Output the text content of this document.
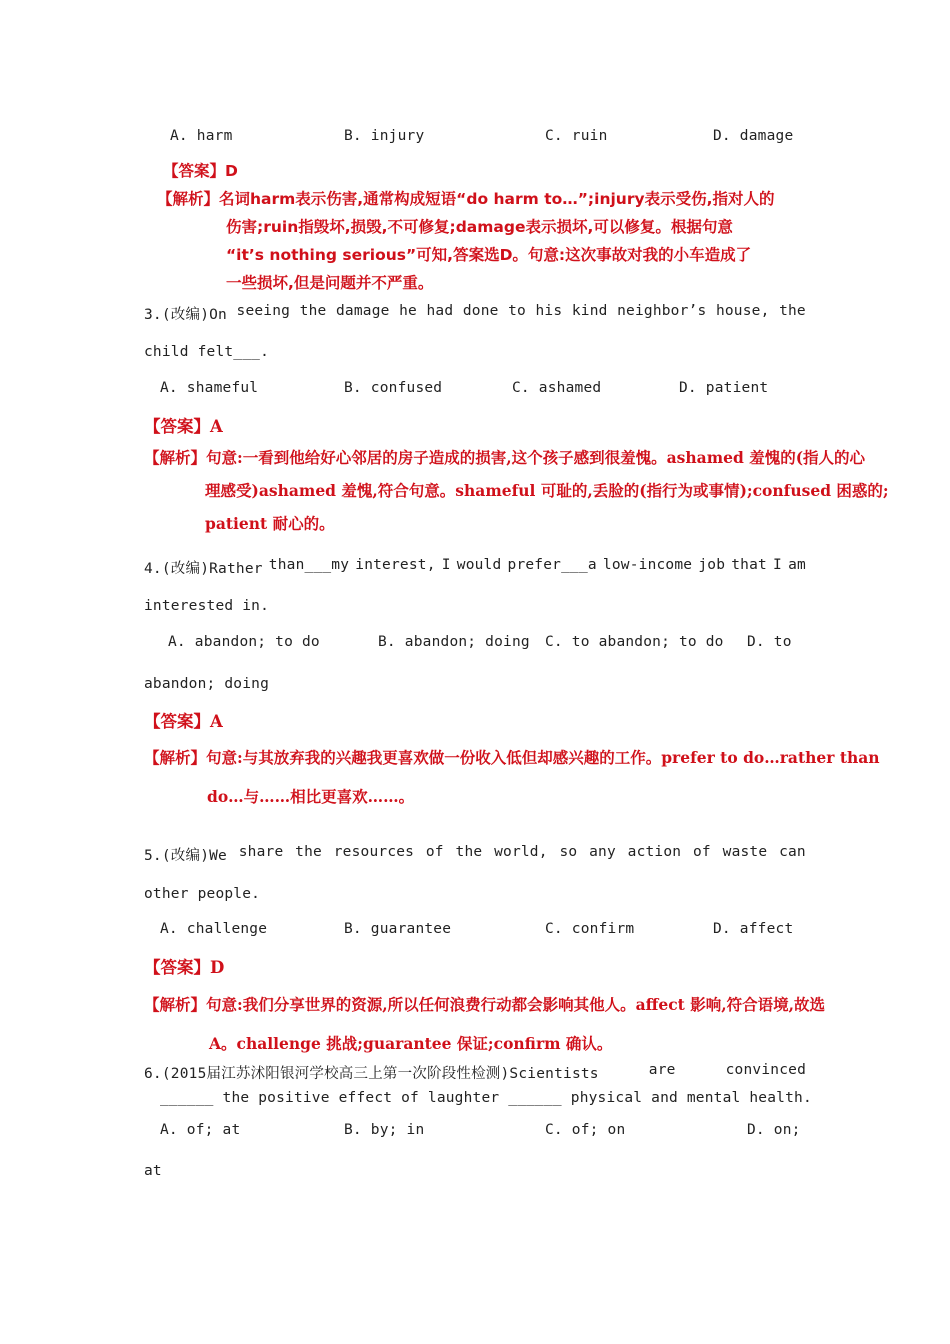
A. harm	B. injury	C. ruin	D. damage
【答案】D
【解析】名词harm表示伤害,通常构成短语“do harm to…”;injury表示受伤,指对人的
伤害;ruin指毁坏,损毁,不可修复;damage表示损坏,可以修复。根据句意
“it’s nothing serious”可知,答案选D。句意:这次事故对我的小车造成了
一些损坏,但是问题并不严重。
3.(改编)On seeing the damage he had done to his kind neighbor’s house, the
child felt___.
A. shameful	B. confused	C. ashamed	D. patient
【答案】A
【解析】句意:一看到他给好心邻居的房子造成的损害,这个孩子感到很羞愧。ashamed 羞愧的(指人的心
理感受)ashamed 羞愧,符合句意。shameful 可耻的,丢脸的(指行为或事情);confused 困惑的;
patient 耐心的。
4.(改编)Rather than___my interest, I would prefer___a low-income job that I am
interested in.
A. abandon; to do	B. abandon; doing C. to abandon; to do D. to
abandon; doing
【答案】A
【解析】句意:与其放弃我的兴趣我更喜欢做一份收入低但却感兴趣的工作。prefer to do…rather than
do…与……相比更喜欢……。
5.(改编)We share the resources of the world, so any action of waste can
other people.
A. challenge	B. guarantee	C. confirm	D. affect
【答案】D
【解析】句意:我们分享世界的资源,所以任何浪费行动都会影响其他人。affect 影响,符合语境,故选
A。challenge 挑战;guarantee 保证;confirm 确认。
6.(2015届江苏沭阳银河学校高三上第一次阶段性检测)Scientists	are	convinced
______ the positive effect of laughter ______ physical and mental health.
A. of; at	B. by; in	C. of; on	D. on;
at
